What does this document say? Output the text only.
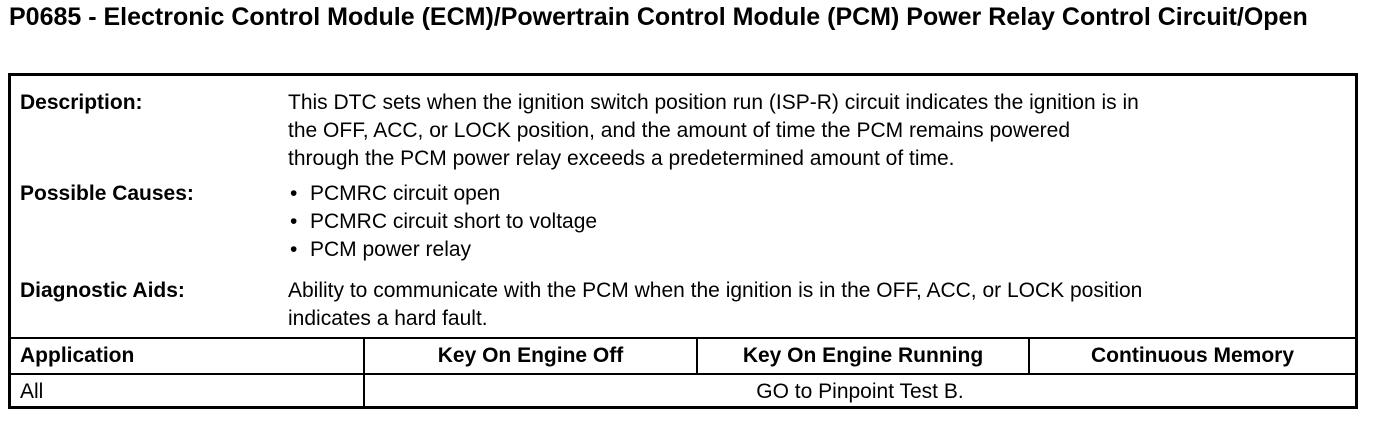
P0685 - Electronic Control Module (ECM)/Powertrain Control Module (PCM) Power Relay Control Circuit/Open
Description:	This DTC sets when the ignition switch position run (ISP-R) circuit indicates the ignition is in
the OFF, ACC, or LOCK position, and the amount of time the PCM remains powered
through the PCM power relay exceeds a predetermined amount of time.
Possible Causes:
•	PCMRC circuit open
• PCMRC circuit short to voltage
• PCM power relay
Diagnostic Aids:	Ability to communicate with the PCM when the ignition is in the OFF, ACC, or LOCK position
indicates a hard fault.
Application	Key On Engine Off	Key On Engine Running	Continuous Memory
All	GO to Pinpoint Test B.
